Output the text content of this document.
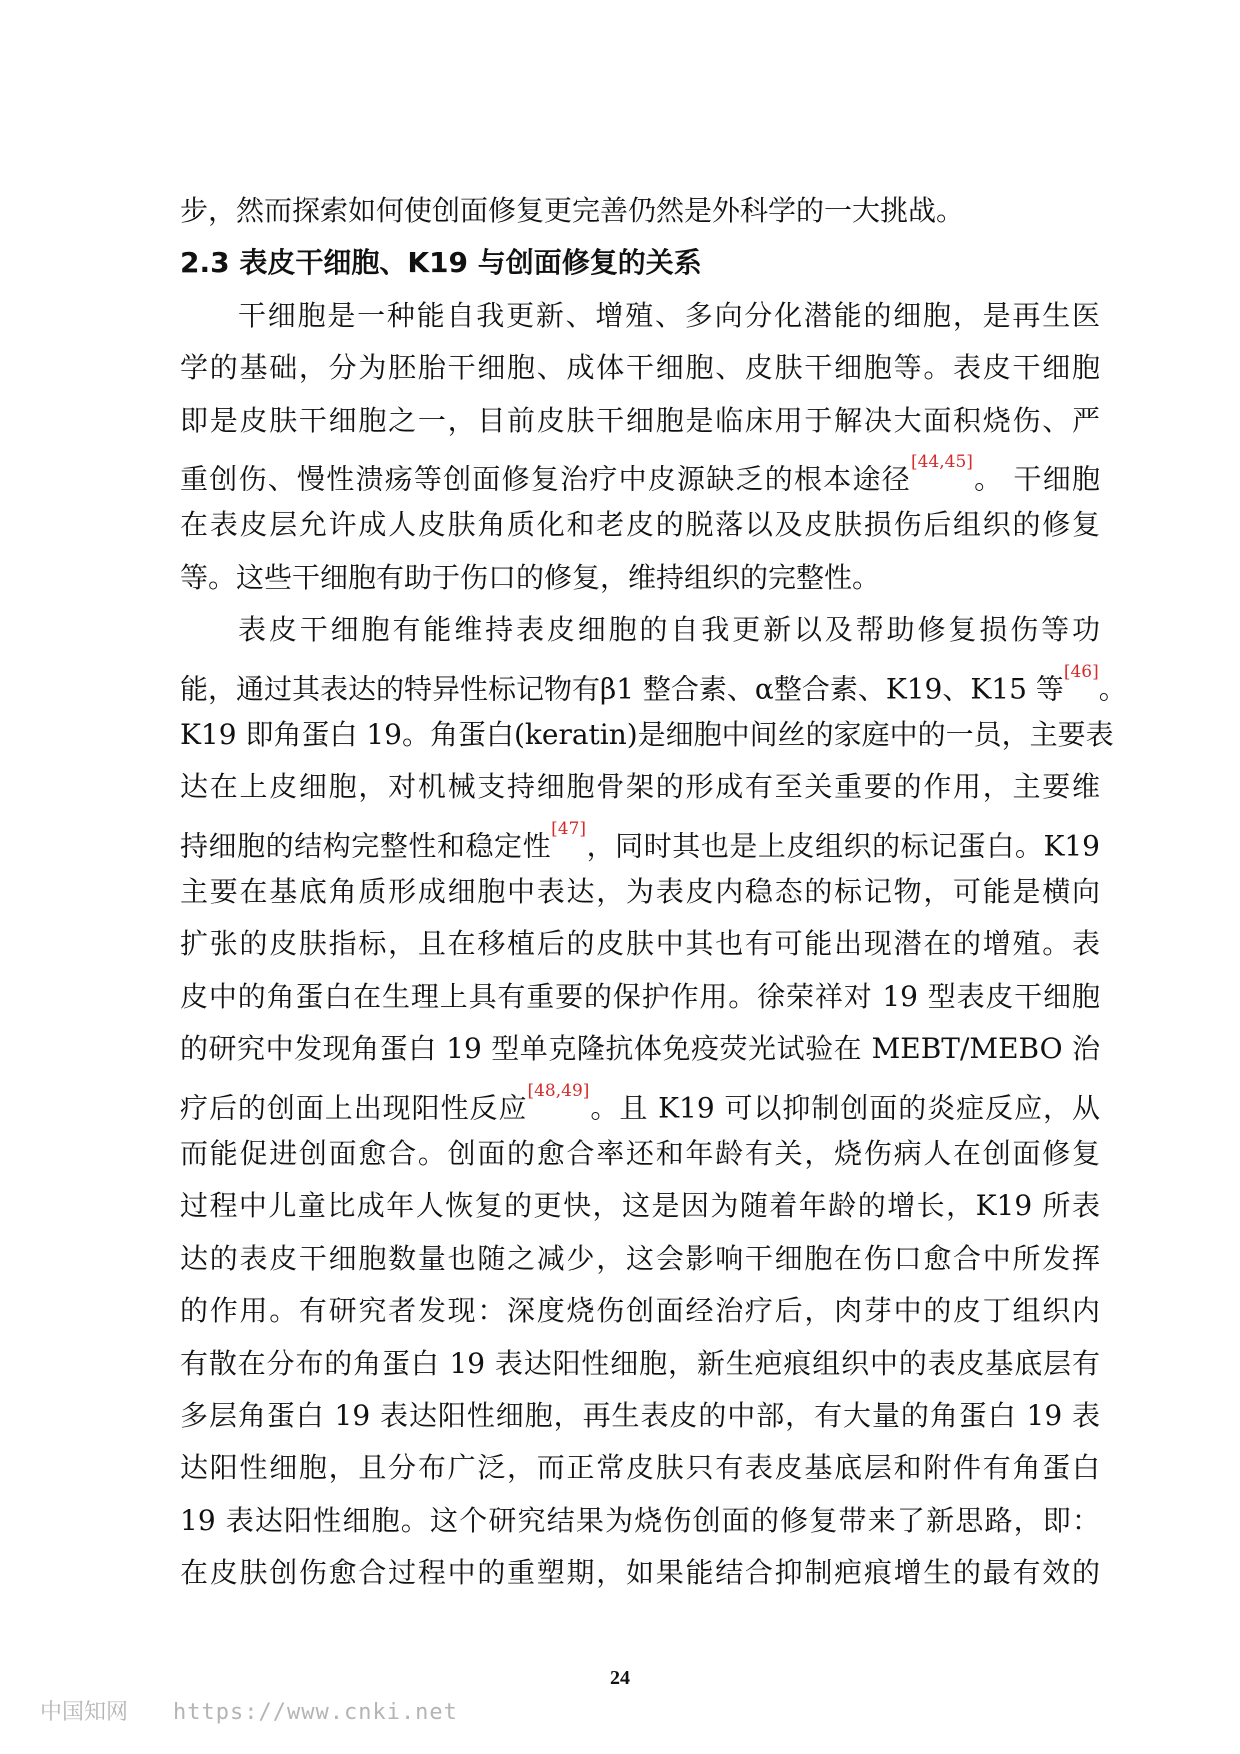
步，然而探索如何使创面修复更完善仍然是外科学的一大挑战。
2.3 表皮干细胞、K19 与创面修复的关系
干细胞是一种能自我更新、增殖、多向分化潜能的细胞，是再生医
学的基础，分为胚胎干细胞、成体干细胞、皮肤干细胞等。表皮干细胞
即是皮肤干细胞之一，目前皮肤干细胞是临床用于解决大面积烧伤、严
重创伤、慢性溃疡等创面修复治疗中皮源缺乏的根本途径[44,45]。 干细胞
在表皮层允许成人皮肤角质化和老皮的脱落以及皮肤损伤后组织的修复
等。这些干细胞有助于伤口的修复，维持组织的完整性。
表皮干细胞有能维持表皮细胞的自我更新以及帮助修复损伤等功
能，通过其表达的特异性标记物有β1 整合素、α整合素、K19、K15 等[46]。
K19 即角蛋白 19。角蛋白(keratin)是细胞中间丝的家庭中的一员，主要表
达在上皮细胞，对机械支持细胞骨架的形成有至关重要的作用，主要维
持细胞的结构完整性和稳定性[47]，同时其也是上皮组织的标记蛋白。K19
主要在基底角质形成细胞中表达，为表皮内稳态的标记物，可能是横向
扩张的皮肤指标，且在移植后的皮肤中其也有可能出现潜在的增殖。表
皮中的角蛋白在生理上具有重要的保护作用。徐荣祥对 19 型表皮干细胞
的研究中发现角蛋白 19 型单克隆抗体免疫荧光试验在 MEBT/MEBO 治
疗后的创面上出现阳性反应[48,49]。且 K19 可以抑制创面的炎症反应，从
而能促进创面愈合。创面的愈合率还和年龄有关，烧伤病人在创面修复
过程中儿童比成年人恢复的更快，这是因为随着年龄的增长，K19 所表
达的表皮干细胞数量也随之减少，这会影响干细胞在伤口愈合中所发挥
的作用。有研究者发现：深度烧伤创面经治疗后，肉芽中的皮丁组织内
有散在分布的角蛋白 19 表达阳性细胞，新生疤痕组织中的表皮基底层有
多层角蛋白 19 表达阳性细胞，再生表皮的中部，有大量的角蛋白 19 表
达阳性细胞，且分布广泛，而正常皮肤只有表皮基底层和附件有角蛋白
19 表达阳性细胞。这个研究结果为烧伤创面的修复带来了新思路，即：
在皮肤创伤愈合过程中的重塑期，如果能结合抑制疤痕增生的最有效的
24
中国知网 https://www.cnki.net
